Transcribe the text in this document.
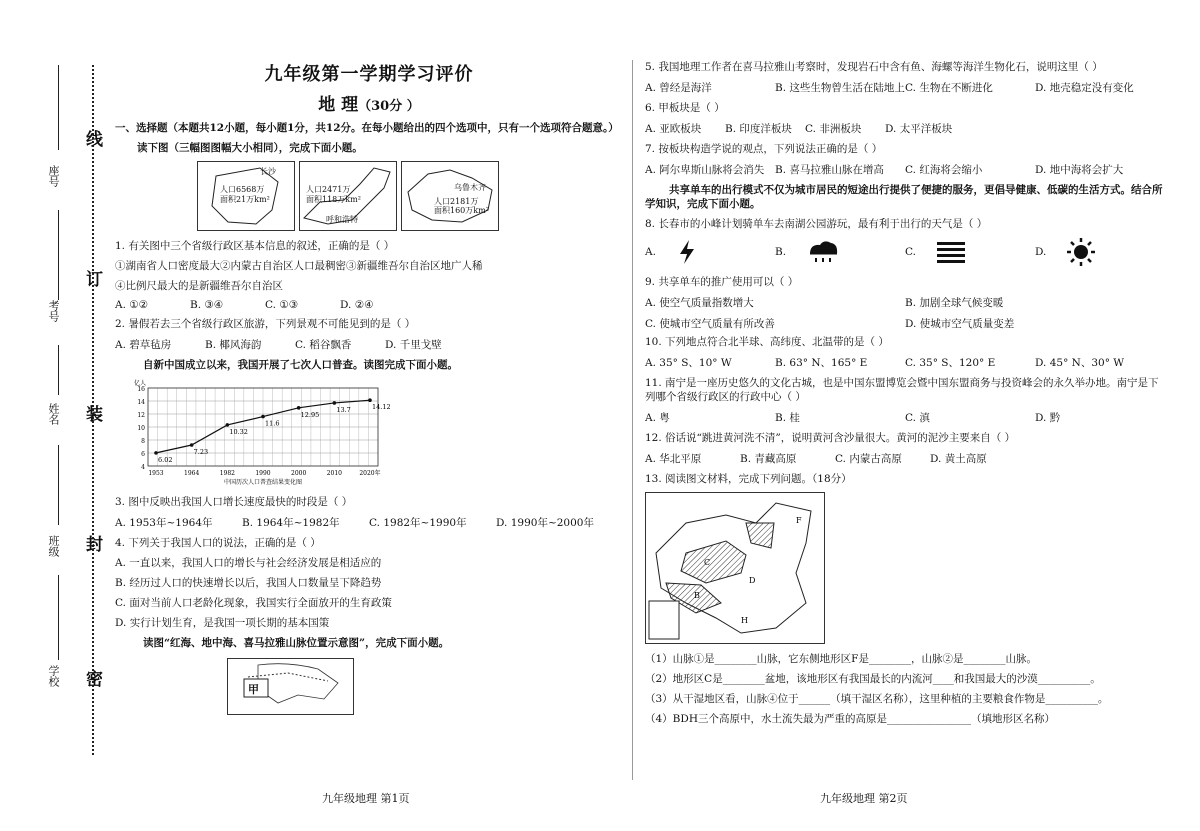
座号
考号
姓名
班级
学校
线
订
装
封
密
九年级第一学期学习评价
地 理（30分 ）

一、选择题（本题共12小题，每小题1分，共12分。在每小题给出的四个选项中，只有一个选项符合题意。）

读下图（三幅图图幅大小相同），完成下面小题。

长沙
人口6568万
面积21万km²
人口2471万
面积118万km²
呼和浩特
乌鲁木齐
人口2181万
面积160万km²

1. 有关图中三个省级行政区基本信息的叙述，正确的是（ ）

①湖南省人口密度最大②内蒙古自治区人口最稠密③新疆维吾尔自治区地广人稀

④比例尺最大的是新疆维吾尔自治区

A. ①②	B. ③④	C. ①③	D. ②④

2. 暑假若去三个省级行政区旅游，下列景观不可能见到的是（ ）

A. 碧草毡房	B. 椰风海韵	C. 稻谷飘香	D. 千里戈壁

自新中国成立以来，我国开展了七次人口普查。读图完成下面小题。

4
6
8
10
12
14
16
亿人
6.02
1953
7.23
1964
10.32
1982
11.6
1990
12.95
2000
13.7
2010
14.12
2020年
中国历次人口普查结果变化图

3. 图中反映出我国人口增长速度最快的时段是（ ）

A. 1953年~1964年	B. 1964年~1982年	C. 1982年~1990年	D. 1990年~2000年

4. 下列关于我国人口的说法，正确的是（ ）

A. 一直以来，我国人口的增长与社会经济发展是相适应的

B. 经历过人口的快速增长以后，我国人口数量呈下降趋势

C. 面对当前人口老龄化现象，我国实行全面放开的生育政策

D. 实行计划生育，是我国一项长期的基本国策

读图“红海、地中海、喜马拉雅山脉位置示意图”，完成下面小题。

甲
九年级地理 第1页

5. 我国地理工作者在喜马拉雅山考察时，发现岩石中含有鱼、海螺等海洋生物化石，说明这里（ ）

A. 曾经是海洋	B. 这些生物曾生活在陆地上 C. 生物在不断进化	D. 地壳稳定没有变化

6. 甲板块是（ ）

A. 亚欧板块	B. 印度洋板块	C. 非洲板块	D. 太平洋板块

7. 按板块构造学说的观点，下列说法正确的是（ ）

A. 阿尔卑斯山脉将会消失	B. 喜马拉雅山脉在增高	C. 红海将会缩小	D. 地中海将会扩大

共享单车的出行模式不仅为城市居民的短途出行提供了便捷的服务，更倡导健康、低碳的生活方式。结合所学知识，完成下面小题。

8. 长春市的小峰计划骑单车去南湖公园游玩，最有利于出行的天气是（ ）

A.	B.	C.	D.

9. 共享单车的推广使用可以（ ）

A. 使空气质量指数增大	B. 加剧全球气候变暖
C. 使城市空气质量有所改善	D. 使城市空气质量变差

10. 下列地点符合北半球、高纬度、北温带的是（ ）

A. 35° S、10° W	B. 63° N、165° E	C. 35° S、120° E	D. 45° N、30° W

11. 南宁是一座历史悠久的文化古城，也是中国东盟博览会暨中国东盟商务与投资峰会的永久举办地。南宁是下列哪个省级行政区的行政中心（ ）

A. 粤	B. 桂	C. 滇	D. 黔

12. 俗话说“跳进黄河洗不清”，说明黄河含沙量很大。黄河的泥沙主要来自（ ）

A. 华北平原	B. 青藏高原	C. 内蒙古高原	D. 黄土高原

13. 阅读图文材料，完成下列问题。（18分）

C
D
B
F
H

（1）山脉①是________山脉，它东侧地形区F是________，山脉②是________山脉。

（2）地形区C是________盆地，该地形区有我国最长的内流河____和我国最大的沙漠__________。

（3）从干湿地区看，山脉④位于______（填干湿区名称），这里种植的主要粮食作物是__________。

（4）BDH三个高原中，水土流失最为严重的高原是________________（填地形区名称）

九年级地理 第2页
